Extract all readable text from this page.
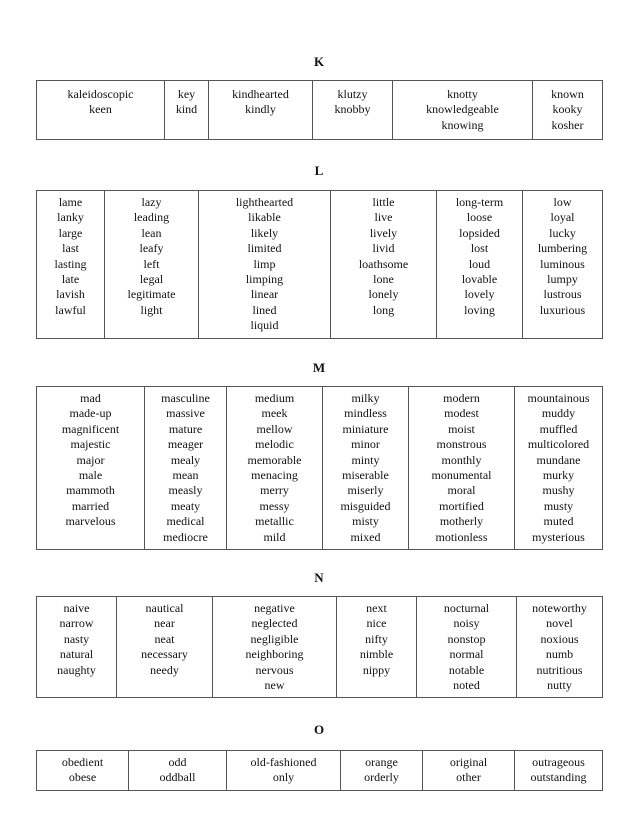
K
kaleidoscopic
keen

key
kind

kindhearted
kindly

klutzy
knobby

knotty
knowledgeable
knowing

known
kooky
kosher
L
lame
lanky
large
last
lasting
late
lavish
lawful

lazy
leading
lean
leafy
left
legal
legitimate
light

lighthearted
likable
likely
limited
limp
limping
linear
lined
liquid

little
live
lively
livid
loathsome
lone
lonely
long

long-term
loose
lopsided
lost
loud
lovable
lovely
loving

low
loyal
lucky
lumbering
luminous
lumpy
lustrous
luxurious
M
mad
made-up
magnificent
majestic
major
male
mammoth
married
marvelous

masculine
massive
mature
meager
mealy
mean
measly
meaty
medical
mediocre

medium
meek
mellow
melodic
memorable
menacing
merry
messy
metallic
mild

milky
mindless
miniature
minor
minty
miserable
miserly
misguided
misty
mixed

modern
modest
moist
monstrous
monthly
monumental
moral
mortified
motherly
motionless

mountainous
muddy
muffled
multicolored
mundane
murky
mushy
musty
muted
mysterious
N
naive
narrow
nasty
natural
naughty

nautical
near
neat
necessary
needy

negative
neglected
negligible
neighboring
nervous
new

next
nice
nifty
nimble
nippy

nocturnal
noisy
nonstop
normal
notable
noted

noteworthy
novel
noxious
numb
nutritious
nutty
O
obedient
obese

odd
oddball

old-fashioned
only

orange
orderly

original
other

outrageous
outstanding
